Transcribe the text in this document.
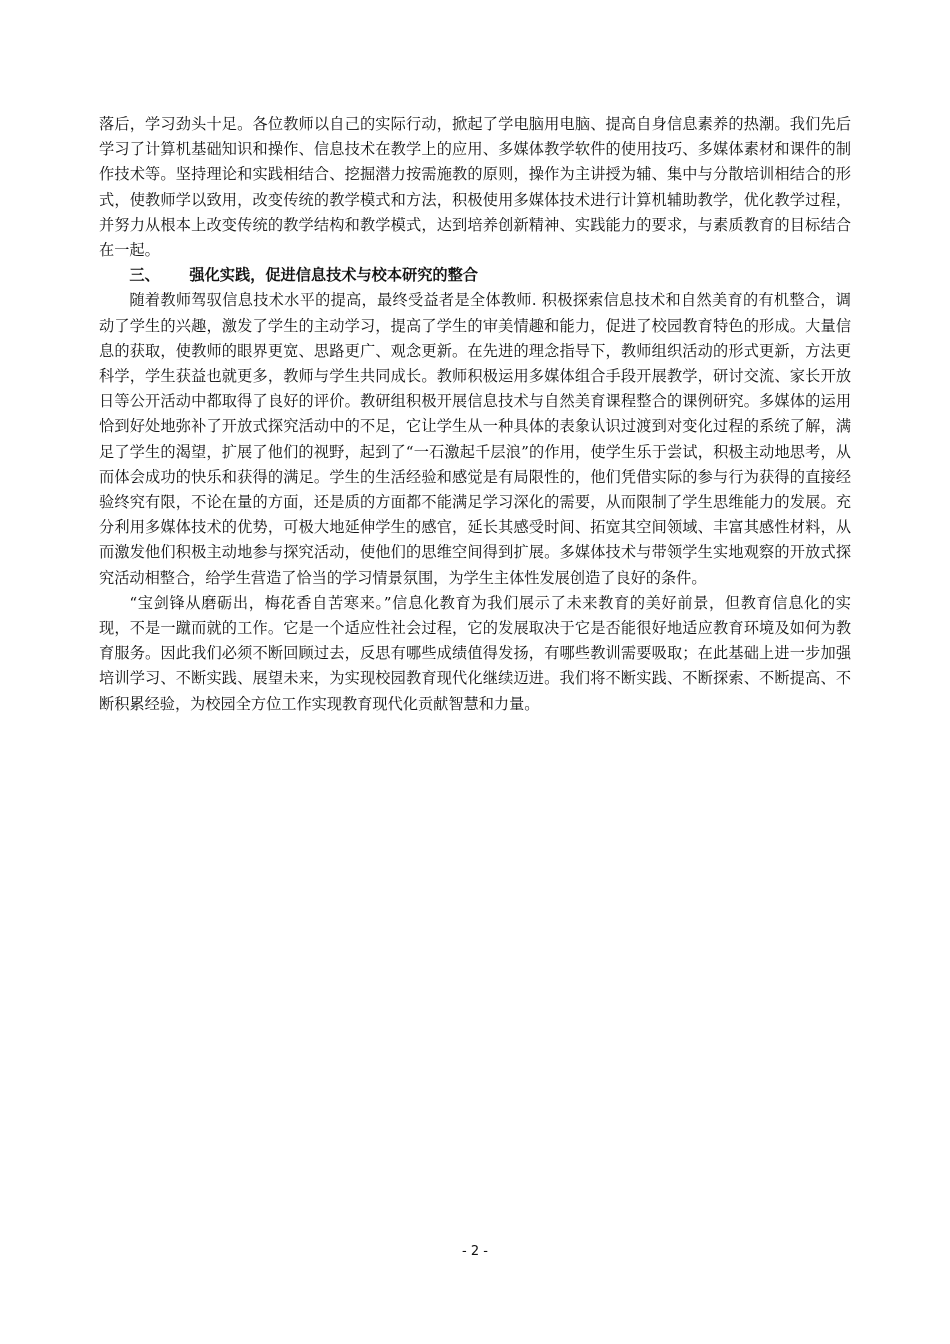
落后，学习劲头十足。各位教师以自己的实际行动，掀起了学电脑用电脑、提高自身信息素养的热潮。我们先后学习了计算机基础知识和操作、信息技术在教学上的应用、多媒体教学软件的使用技巧、多媒体素材和课件的制作技术等。坚持理论和实践相结合、挖掘潜力按需施教的原则，操作为主讲授为辅、集中与分散培训相结合的形式，使教师学以致用，改变传统的教学模式和方法，积极使用多媒体技术进行计算机辅助教学，优化教学过程，并努力从根本上改变传统的教学结构和教学模式，达到培养创新精神、实践能力的要求，与素质教育的目标结合在一起。

三、 强化实践，促进信息技术与校本研究的整合

随着教师驾驭信息技术水平的提高，最终受益者是全体教师. 积极探索信息技术和自然美育的有机整合，调动了学生的兴趣，激发了学生的主动学习，提高了学生的审美情趣和能力，促进了校园教育特色的形成。大量信息的获取，使教师的眼界更宽、思路更广、观念更新。在先进的理念指导下，教师组织活动的形式更新，方法更科学，学生获益也就更多，教师与学生共同成长。教师积极运用多媒体组合手段开展教学，研讨交流、家长开放日等公开活动中都取得了良好的评价。教研组积极开展信息技术与自然美育课程整合的课例研究。多媒体的运用恰到好处地弥补了开放式探究活动中的不足，它让学生从一种具体的表象认识过渡到对变化过程的系统了解，满足了学生的渴望，扩展了他们的视野，起到了“一石激起千层浪”的作用，使学生乐于尝试，积极主动地思考，从而体会成功的快乐和获得的满足。学生的生活经验和感觉是有局限性的，他们凭借实际的参与行为获得的直接经验终究有限，不论在量的方面，还是质的方面都不能满足学习深化的需要，从而限制了学生思维能力的发展。充分利用多媒体技术的优势，可极大地延伸学生的感官，延长其感受时间、拓宽其空间领域、丰富其感性材料，从而激发他们积极主动地参与探究活动，使他们的思维空间得到扩展。多媒体技术与带领学生实地观察的开放式探究活动相整合，给学生营造了恰当的学习情景氛围，为学生主体性发展创造了良好的条件。

“宝剑锋从磨砺出，梅花香自苦寒来。”信息化教育为我们展示了未来教育的美好前景，但教育信息化的实现，不是一蹴而就的工作。它是一个适应性社会过程，它的发展取决于它是否能很好地适应教育环境及如何为教育服务。因此我们必须不断回顾过去，反思有哪些成绩值得发扬，有哪些教训需要吸取；在此基础上进一步加强培训学习、不断实践、展望未来，为实现校园教育现代化继续迈进。我们将不断实践、不断探索、不断提高、不断积累经验，为校园全方位工作实现教育现代化贡献智慧和力量。

- 2 -
